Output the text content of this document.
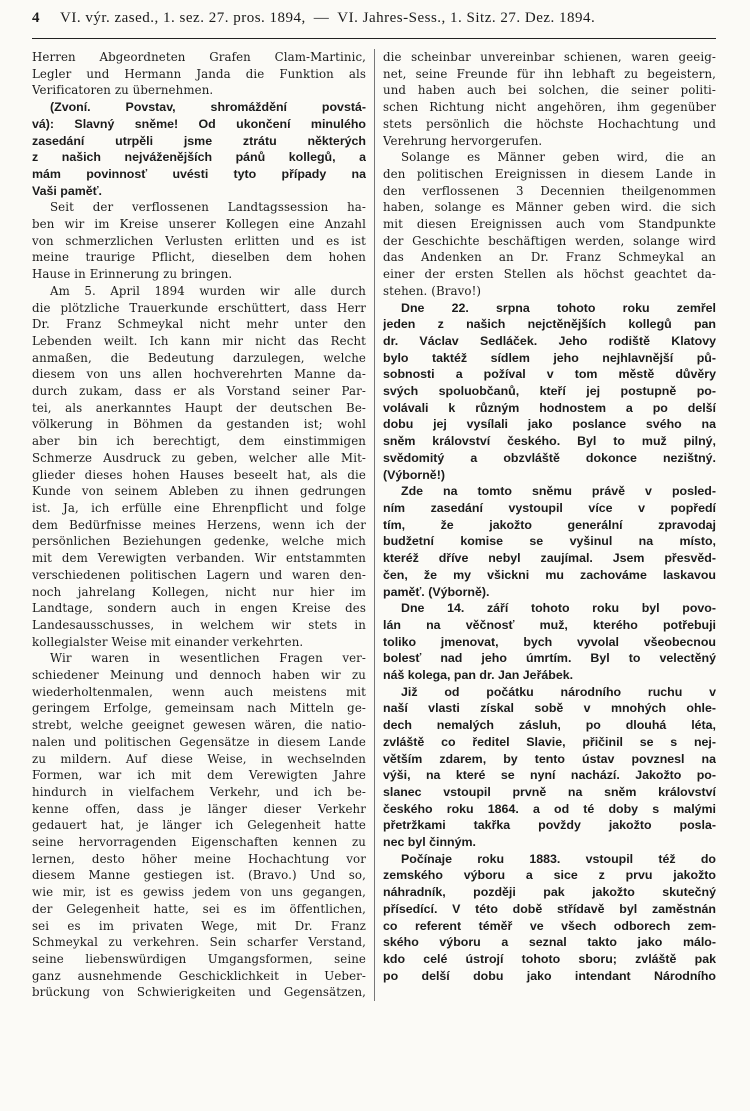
4 VI. výr. zased., 1. sez. 27. pros. 1894, — VI. Jahres-Sess., 1. Sitz. 27. Dez. 1894.
Herren Abgeordneten Grafen Clam-Martinic,
Legler und Hermann Janda die Funktion als
Verificatoren zu übernehmen.
(Zvoní. Povstav, shromáždění povstá-
vá): Slavný sněme! Od ukončení minulého
zasedání utrpěli jsme ztrátu některých
z našich nejváženějších pánů kollegů, a
mám povinnosť uvésti tyto případy na
Vaši paměť.
Seit der verflossenen Landtagssession ha-
ben wir im Kreise unserer Kollegen eine Anzahl
von schmerzlichen Verlusten erlitten und es ist
meine traurige Pflicht, dieselben dem hohen
Hause in Erinnerung zu bringen.
Am 5. April 1894 wurden wir alle durch
die plötzliche Trauerkunde erschüttert, dass Herr
Dr. Franz Schmeykal nicht mehr unter den
Lebenden weilt. Ich kann mir nicht das Recht
anmaßen, die Bedeutung darzulegen, welche
diesem von uns allen hochverehrten Manne da-
durch zukam, dass er als Vorstand seiner Par-
tei, als anerkanntes Haupt der deutschen Be-
völkerung in Böhmen da gestanden ist; wohl
aber bin ich berechtigt, dem einstimmigen
Schmerze Ausdruck zu geben, welcher alle Mit-
glieder dieses hohen Hauses beseelt hat, als die
Kunde von seinem Ableben zu ihnen gedrungen
ist. Ja, ich erfülle eine Ehrenpflicht und folge
dem Bedürfnisse meines Herzens, wenn ich der
persönlichen Beziehungen gedenke, welche mich
mit dem Verewigten verbanden. Wir entstammten
verschiedenen politischen Lagern und waren den-
noch jahrelang Kollegen, nicht nur hier im
Landtage, sondern auch in engen Kreise des
Landesausschusses, in welchem wir stets in
kollegialster Weise mit einander verkehrten.
Wir waren in wesentlichen Fragen ver-
schiedener Meinung und dennoch haben wir zu
wiederholtenmalen, wenn auch meistens mit
geringem Erfolge, gemeinsam nach Mitteln ge-
strebt, welche geeignet gewesen wären, die natio-
nalen und politischen Gegensätze in diesem Lande
zu mildern. Auf diese Weise, in wechselnden
Formen, war ich mit dem Verewigten Jahre
hindurch in vielfachem Verkehr, und ich be-
kenne offen, dass je länger dieser Verkehr
gedauert hat, je länger ich Gelegenheit hatte
seine hervorragenden Eigenschaften kennen zu
lernen, desto höher meine Hochachtung vor
diesem Manne gestiegen ist. (Bravo.) Und so,
wie mir, ist es gewiss jedem von uns gegangen,
der Gelegenheit hatte, sei es im öffentlichen,
sei es im privaten Wege, mit Dr. Franz
Schmeykal zu verkehren. Sein scharfer Verstand,
seine liebenswürdigen Umgangsformen, seine
ganz ausnehmende Geschicklichkeit in Ueber-
brückung von Schwierigkeiten und Gegensätzen,
die scheinbar unvereinbar schienen, waren geeig-
net, seine Freunde für ihn lebhaft zu begeistern,
und haben auch bei solchen, die seiner politi-
schen Richtung nicht angehören, ihm gegenüber
stets persönlich die höchste Hochachtung und
Verehrung hervorgerufen.
Solange es Männer geben wird, die an
den politischen Ereignissen in diesem Lande in
den verflossenen 3 Decennien theilgenommen
haben, solange es Männer geben wird. die sich
mit diesen Ereignissen auch vom Standpunkte
der Geschichte beschäftigen werden, solange wird
das Andenken an Dr. Franz Schmeykal an
einer der ersten Stellen als höchst geachtet da-
stehen. (Bravo!)
Dne 22. srpna tohoto roku zemřel
jeden z našich nejctěnějších kollegů pan
dr. Václav Sedláček. Jeho rodiště Klatovy
bylo taktéž sídlem jeho nejhlavnější pů-
sobnosti a požíval v tom městě důvěry
svých spoluobčanů, kteří jej postupně po-
volávali k různým hodnostem a po delší
dobu jej vysílali jako poslance svého na
sněm království českého. Byl to muž pilný,
svědomitý a obzvláště dokonce nezištný.
(Výborně!)
Zde na tomto sněmu právě v posled-
ním zasedání vystoupil více v popředí
tím, že jakožto generální zpravodaj
budžetní komise se vyšinul na místo,
kteréž dříve nebyl zaujímal. Jsem přesvěd-
čen, že my všickni mu zachováme laskavou
paměť. (Výborně).
Dne 14. září tohoto roku byl povo-
lán na věčnosť muž, kterého potřebuji
toliko jmenovat, bych vyvolal všeobecnou
bolesť nad jeho úmrtím. Byl to velectěný
náš kolega, pan dr. Jan Jeřábek.
Již od počátku národního ruchu v
naší vlasti získal sobě v mnohých ohle-
dech nemalých zásluh, po dlouhá léta,
zvláště co ředitel Slavie, přičinil se s nej-
větším zdarem, by tento ústav povznesl na
výši, na které se nyní nachází. Jakožto po-
slanec vstoupil prvně na sněm království
českého roku 1864. a od té doby s malými
přetržkami takřka povždy jakožto posla-
nec byl činným.
Počínaje roku 1883. vstoupil též do
zemského výboru a sice z prvu jakožto
náhradník, později pak jakožto skutečný
přísedící. V této době střídavě byl zaměstnán
co referent téměř ve všech odborech zem-
ského výboru a seznal takto jako málo-
kdo celé ústrojí tohoto sboru; zvláště pak
po delší dobu jako intendant Národního
